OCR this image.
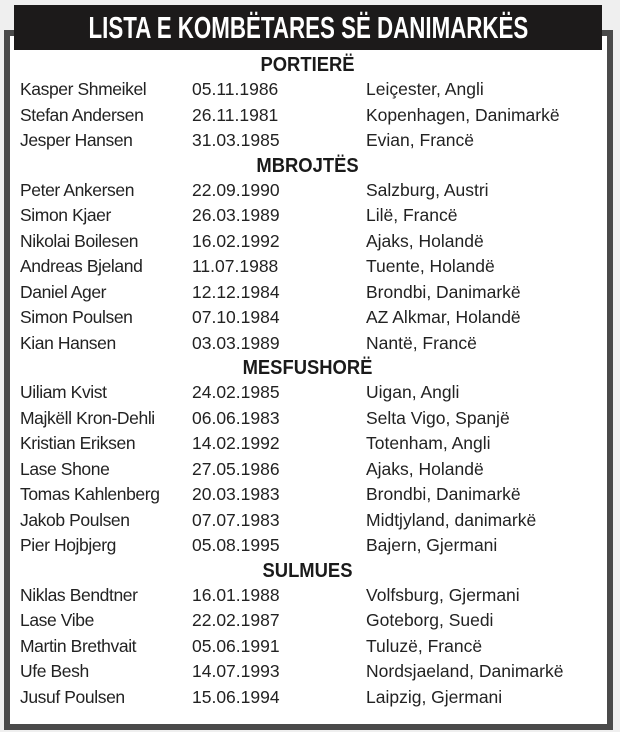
LISTA E KOMBËTARES SË DANIMARKËS
PORTIERË
Kasper Shmeikel	05.11.1986	Leiçester, Angli
Stefan Andersen	26.11.1981	Kopenhagen, Danimarkë
Jesper Hansen	31.03.1985	Evian, Francë
MBROJTËS
Peter Ankersen	22.09.1990	Salzburg, Austri
Simon Kjaer	26.03.1989	Lilë, Francë
Nikolai Boilesen	16.02.1992	Ajaks, Holandë
Andreas Bjeland	11.07.1988	Tuente, Holandë
Daniel Ager	12.12.1984	Brondbi, Danimarkë
Simon Poulsen	07.10.1984	AZ Alkmar, Holandë
Kian Hansen	03.03.1989	Nantë, Francë
MESFUSHORË
Uiliam Kvist	24.02.1985	Uigan, Angli
Majkëll Kron-Dehli	06.06.1983	Selta Vigo, Spanjë
Kristian Eriksen	14.02.1992	Totenham, Angli
Lase Shone	27.05.1986	Ajaks, Holandë
Tomas Kahlenberg	20.03.1983	Brondbi, Danimarkë
Jakob Poulsen	07.07.1983	Midtjyland, danimarkë
Pier Hojbjerg	05.08.1995	Bajern, Gjermani
SULMUES
Niklas Bendtner	16.01.1988	Volfsburg, Gjermani
Lase Vibe	22.02.1987	Goteborg, Suedi
Martin Brethvait	05.06.1991	Tuluzë, Francë
Ufe Besh	14.07.1993	Nordsjaeland, Danimarkë
Jusuf Poulsen	15.06.1994	Laipzig, Gjermani
